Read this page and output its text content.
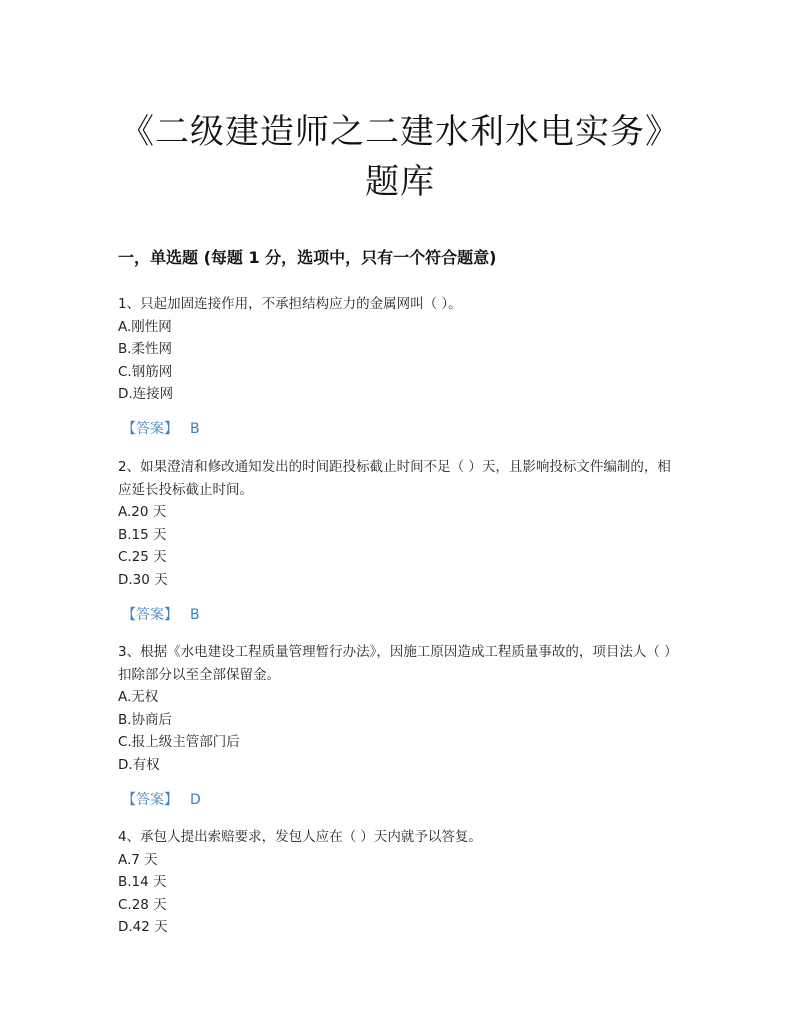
《二级建造师之二建水利水电实务》
题库
一，单选题 (每题 1 分，选项中，只有一个符合题意)

1、只起加固连接作用，不承担结构应力的金属网叫（ ）。

A.刚性网

B.柔性网

C.钢筋网

D.连接网

【答案】 B

2、如果澄清和修改通知发出的时间距投标截止时间不足（ ）天，且影响投标文件编制的，相应延长投标截止时间。

A.20 天

B.15 天

C.25 天

D.30 天

【答案】 B

3、根据《水电建设工程质量管理暂行办法》，因施工原因造成工程质量事故的，项目法人（ ）扣除部分以至全部保留金。

A.无权

B.协商后

C.报上级主管部门后

D.有权

【答案】 D

4、承包人提出索赔要求，发包人应在（ ）天内就予以答复。

A.7 天

B.14 天

C.28 天

D.42 天
